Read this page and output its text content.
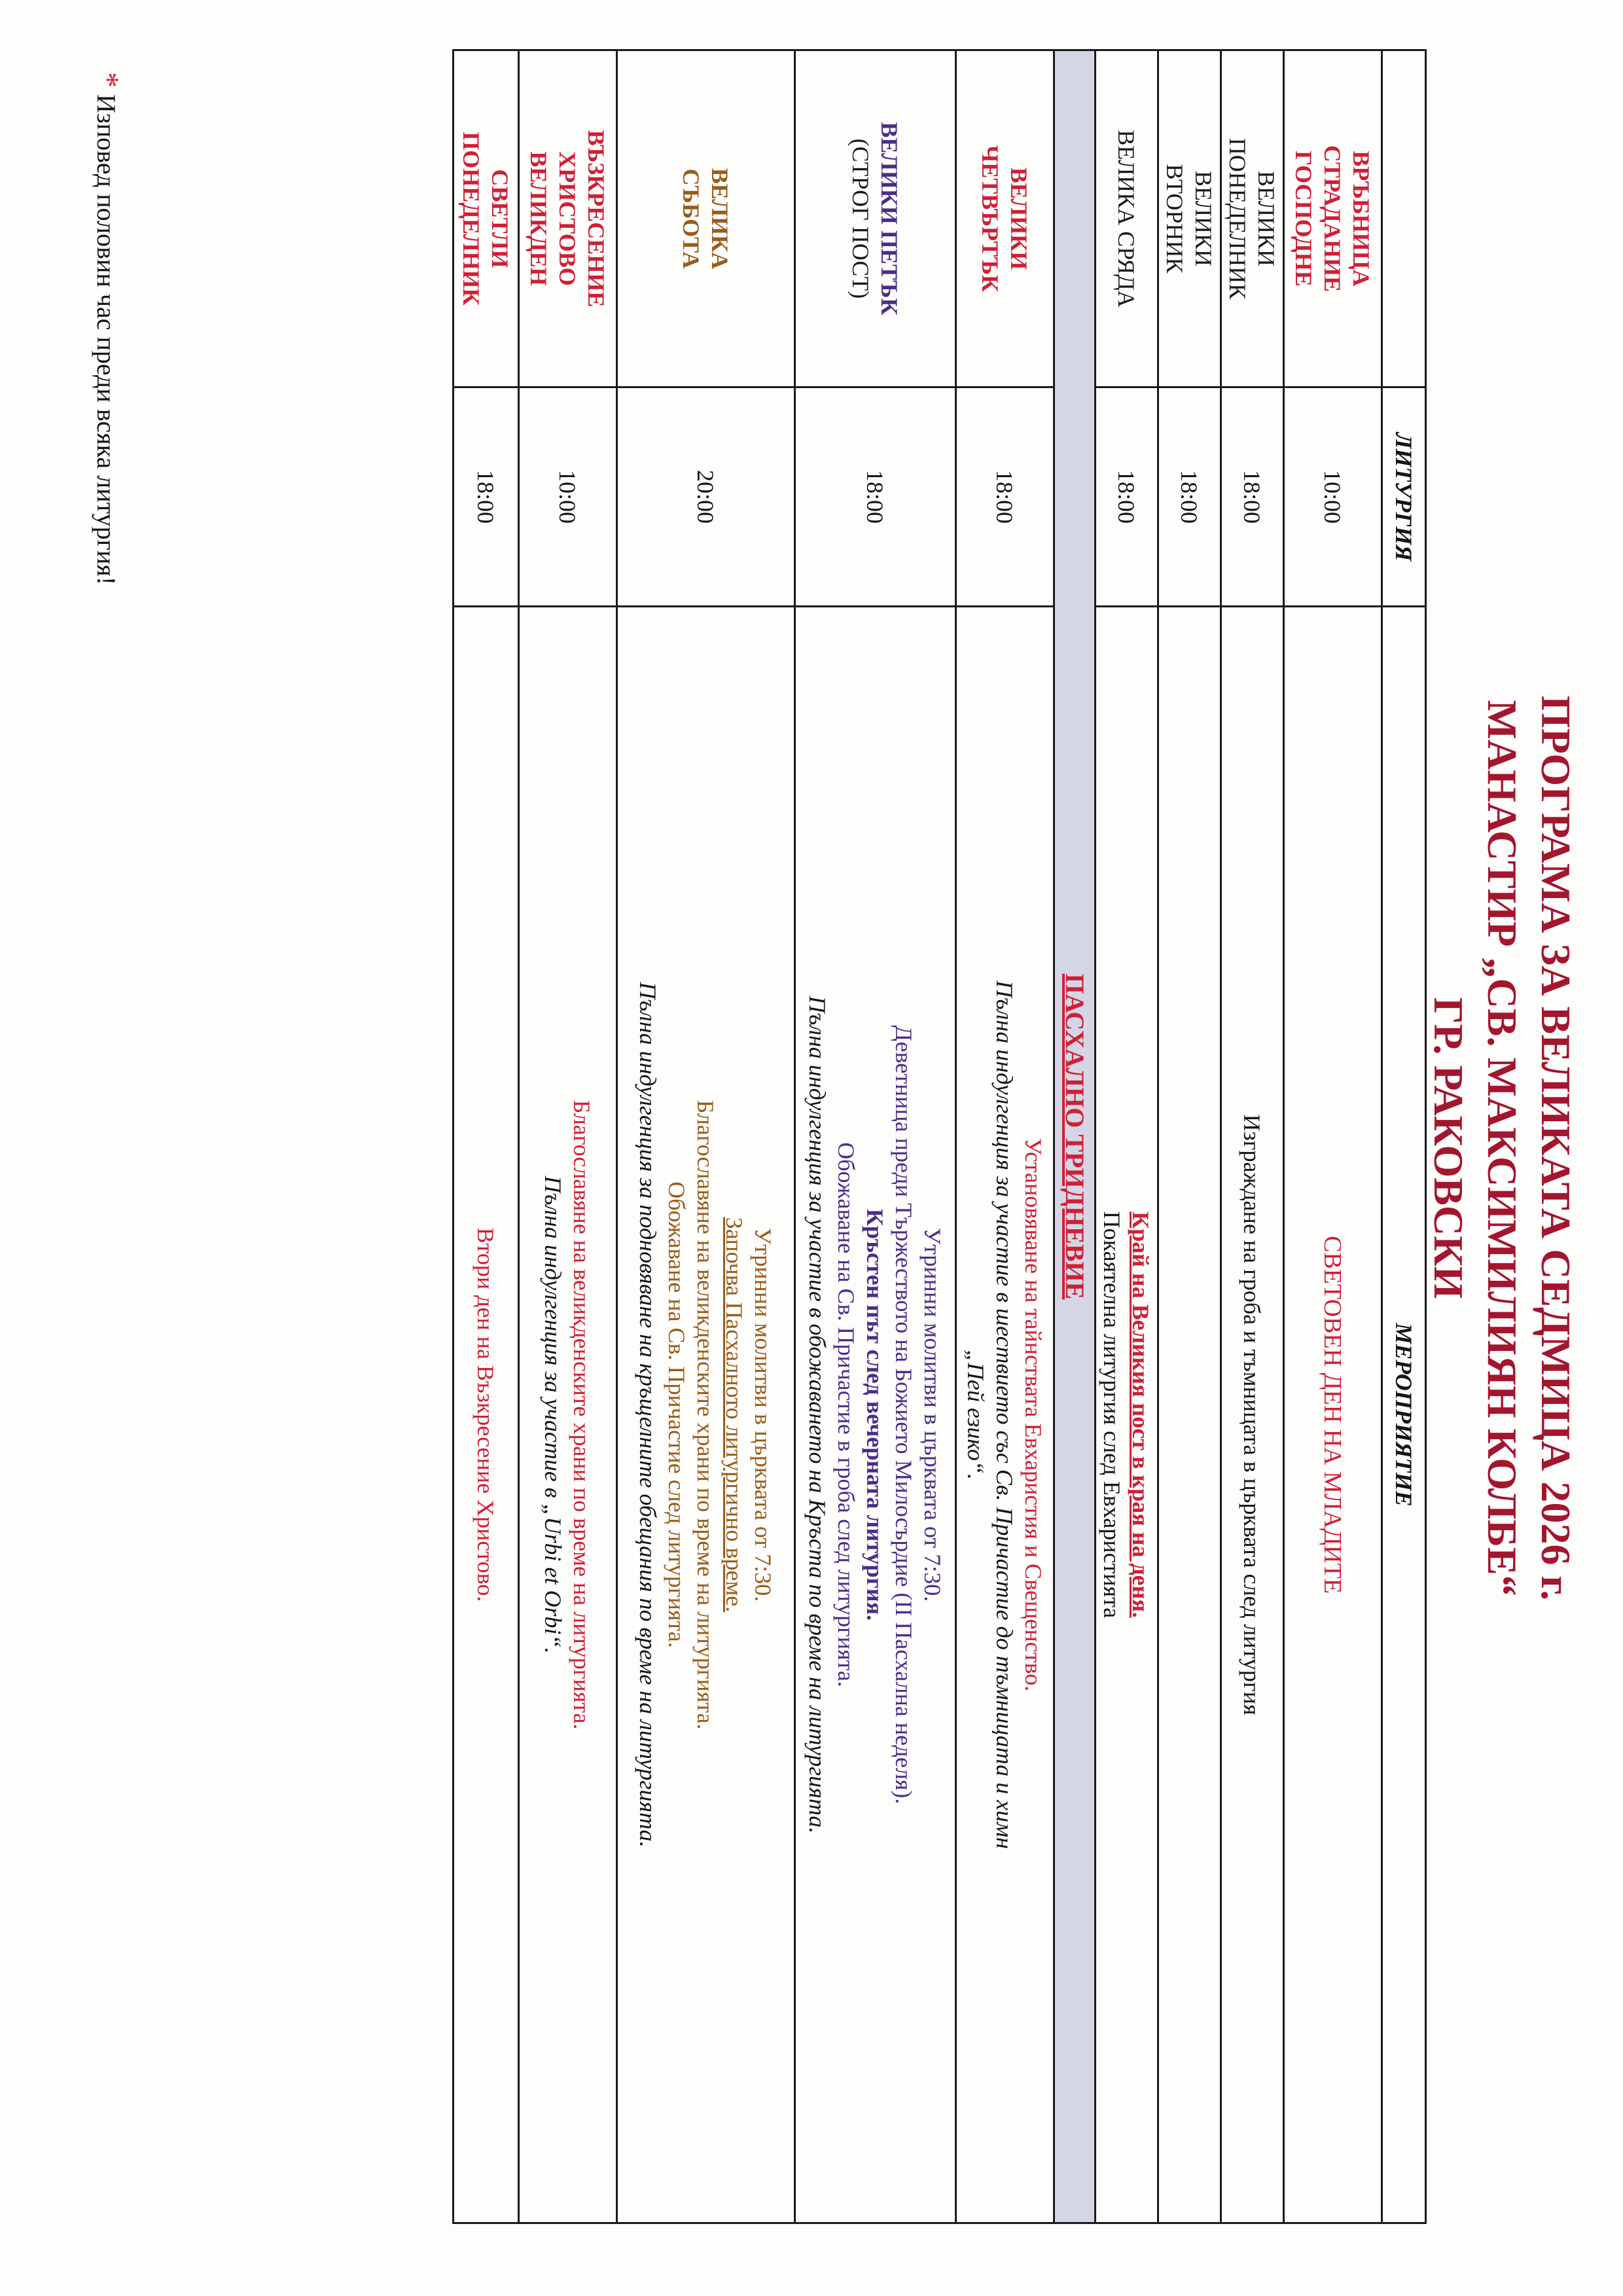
ПРОГРАМА ЗА ВЕЛИКАТА СЕДМИЦА 2026 г.
МАНАСТИР „СВ. МАКСИМИЛИЯН КОЛБЕ“
ГР. РАКОВСКИ
	ЛИТУРГИЯ	МЕРОПРИЯТИЕ

ВРЪБНИЦА
СТРАДАНИЕ
ГОСПОДНЕ	10:00	СВЕТОВЕН ДЕН НА МЛАДИТЕ

ВЕЛИКИ
ПОНЕДЕЛНИК	18:00	Изграждане на гроба и тъмницата в църквата след литургия

ВЕЛИКИ
ВТОРНИК	18:00	

ВЕЛИКА СРЯДА	18:00	Край на Великия пост в края на деня.
Покаятелна литургия след Евхаристията

ПАСХАЛНО ТРИДНЕВИЕ		

ВЕЛИКИ
ЧЕТВЪРТЪК	18:00	Установяване на тайнствата Евхаристия и Свещенство.
Пълна индулгенция за участие в шествието със Св. Причастие до тъмницата и химн
„Пей езико“.

ВЕЛИКИ ПЕТЪК
(СТРОГ ПОСТ)	18:00	Утринни молитви в църквата от 7:30.
Деветница преди Тържеството на Божието Милосърдие (II Пасхална неделя).
Кръстен път след вечерната литургия.
Обожаване на Св. Причастие в гроба след литургията.
Пълна индулгенция за участие в обожаването на Кръста по време на литургията.

ВЕЛИКА
СЪБОТА	20:00	Утринни молитви в църквата от 7:30.
Започва Пасхалното литургично време.
Благославяне на великденските храни по време на литургията.
Обожаване на Св. Причастие след литургията.
Пълна индулгенция за подновяване на кръщелните обещания по време на литургията.

ВЪЗКРЕСЕНИЕ
ХРИСТОВО
ВЕЛИКДЕН	10:00	Благославяне на великденските храни по време на литургията.
Пълна индулгенция за участие в „Urbi et Orbi“.

СВЕТЛИ
ПОНЕДЕЛНИК	18:00	Втори ден на Възкресение Христово.
* Изповед половин час преди всяка литургия!
